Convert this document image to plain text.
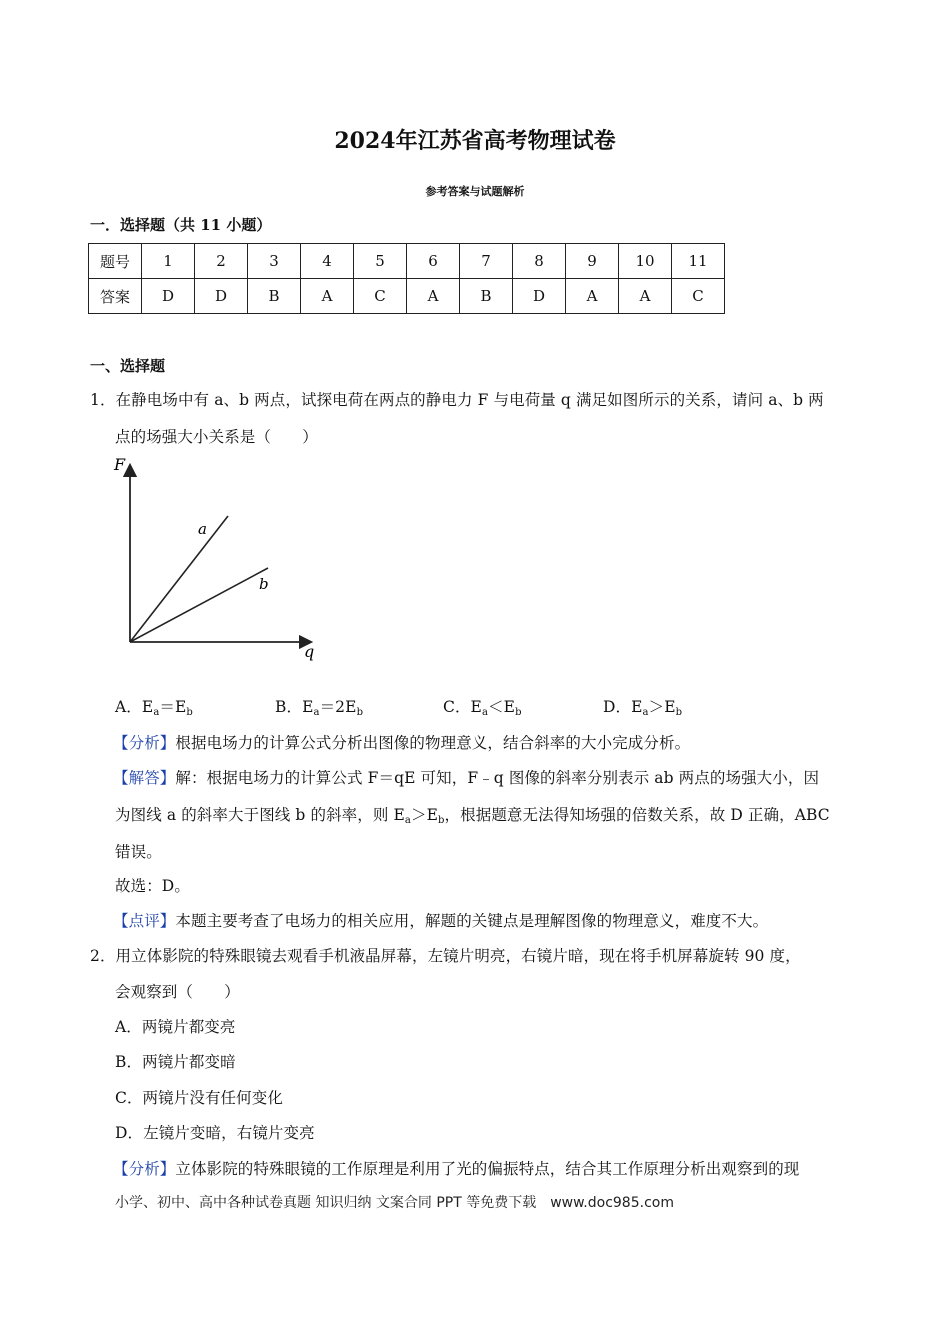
2024年江苏省高考物理试卷
参考答案与试题解析
一．选择题（共 11 小题）
题号	1	2	3	4	5	6	7	8	9	10	11
答案	D	D	B	A	C	A	B	D	A	A	C
一、选择题
1．在静电场中有 a、b 两点，试探电荷在两点的静电力 F 与电荷量 q 满足如图所示的关系，请问 a、b 两
点的场强大小关系是（　　）
F
q
a
b
A．$E_a=E_b$	B．$E_a=2E_b$	C．$E_a<E_b$	D．$E_a>E_b$
【分析】根据电场力的计算公式分析出图像的物理意义，结合斜率的大小完成分析。
【解答】解：根据电场力的计算公式 F＝qE 可知，F﹣q 图像的斜率分别表示 ab 两点的场强大小，因
为图线 a 的斜率大于图线 b 的斜率，则 $E_a>E_b$，根据题意无法得知场强的倍数关系，故 D 正确，ABC
错误。
故选：D。
【点评】本题主要考查了电场力的相关应用，解题的关键点是理解图像的物理意义，难度不大。
2．用立体影院的特殊眼镜去观看手机液晶屏幕，左镜片明亮，右镜片暗，现在将手机屏幕旋转 90 度，
会观察到（　　）
A．两镜片都变亮
B．两镜片都变暗
C．两镜片没有任何变化
D．左镜片变暗，右镜片变亮
【分析】立体影院的特殊眼镜的工作原理是利用了光的偏振特点，结合其工作原理分析出观察到的现
小学、初中、高中各种试卷真题 知识归纳 文案合同 PPT 等免费下载　www.doc985.com
